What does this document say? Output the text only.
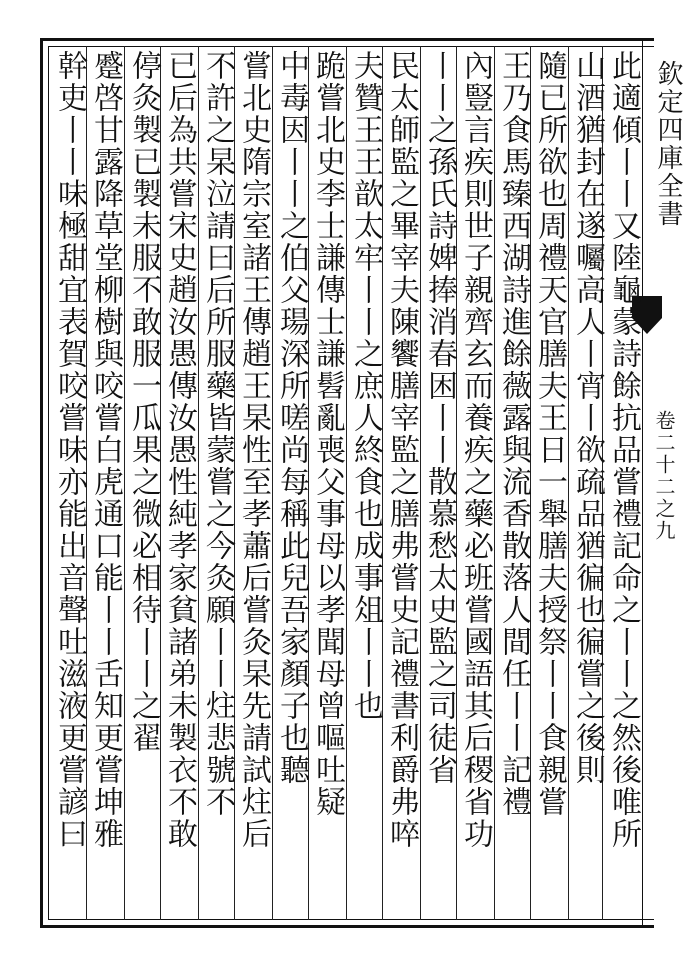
欽定四庫全書
卷二十二之九
此適傾丨丨又陸龜蒙詩餘抗品嘗禮記命之丨丨之然後唯所
山酒猶封在遂囑高人丨宵丨欲疏品猶徧也徧嘗之後則
隨已所欲也周禮天官膳夫王日一舉膳夫授祭丨丨食親嘗
王乃食馬臻西湖詩進餘薇露與流香散落人間任丨丨記禮
內豎言疾則世子親齊玄而養疾之藥必班嘗國語其后稷省功
丨丨之孫氏詩婢捧消春困丨丨散慕愁太史監之司徒省
民太師監之畢宰夫陳饗膳宰監之膳弗嘗史記禮書利爵弗啐
夫贊王王歆太牢丨丨之庶人終食也成事俎丨丨也
跪嘗北史李士謙傳士謙髫亂喪父事母以孝聞母曾嘔吐疑
中毒因丨丨之伯父瑒深所嗟尚每稱此兒吾家顏子也聽
嘗北史隋宗室諸王傳趙王杲性至孝蕭后嘗灸杲先請試炷后
不許之杲泣請曰后所服藥皆蒙嘗之今灸願丨丨炷悲號不
已后為共嘗宋史趙汝愚傳汝愚性純孝家貧諸弟未製衣不敢
停灸製已製未服不敢服一瓜果之微必相待丨丨之翟
蹙啓甘露降草堂柳樹與咬嘗白虎通口能丨丨舌知更嘗坤雅
幹吏丨丨味極甜宜表賀咬嘗味亦能出音聲吐滋液更嘗諺曰
